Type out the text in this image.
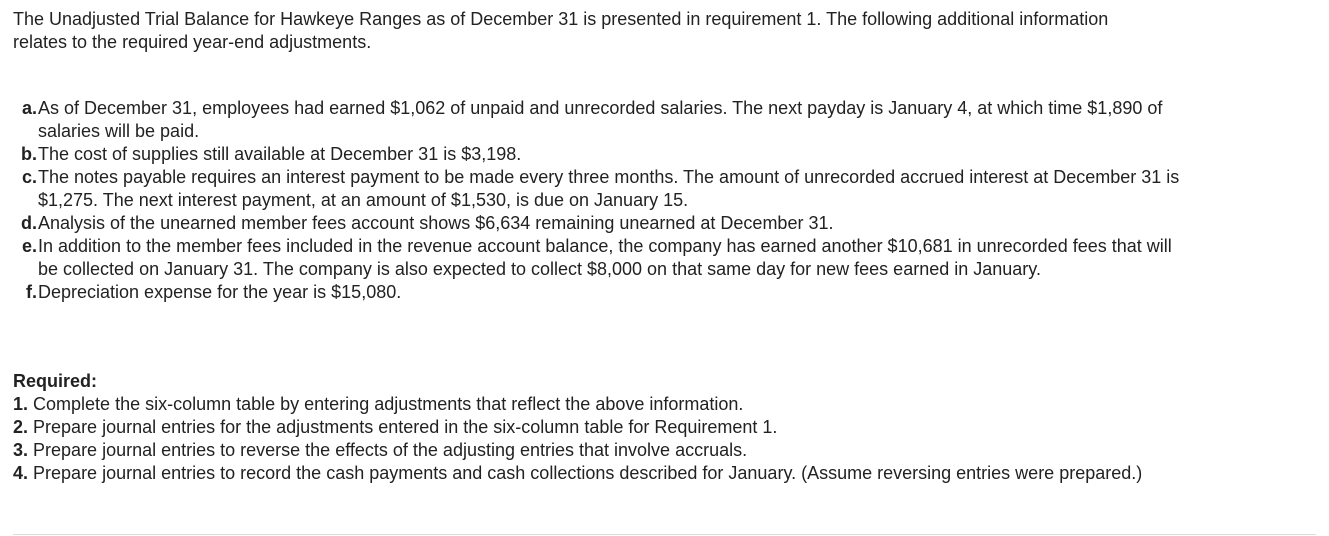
The Unadjusted Trial Balance for Hawkeye Ranges as of December 31 is presented in requirement 1. The following additional information relates to the required year-end adjustments.
a. As of December 31, employees had earned $1,062 of unpaid and unrecorded salaries. The next payday is January 4, at which time $1,890 of salaries will be paid.
b. The cost of supplies still available at December 31 is $3,198.
c. The notes payable requires an interest payment to be made every three months. The amount of unrecorded accrued interest at December 31 is $1,275. The next interest payment, at an amount of $1,530, is due on January 15.
d. Analysis of the unearned member fees account shows $6,634 remaining unearned at December 31.
e. In addition to the member fees included in the revenue account balance, the company has earned another $10,681 in unrecorded fees that will be collected on January 31. The company is also expected to collect $8,000 on that same day for new fees earned in January.
f. Depreciation expense for the year is $15,080.
Required:
1. Complete the six-column table by entering adjustments that reflect the above information.
2. Prepare journal entries for the adjustments entered in the six-column table for Requirement 1.
3. Prepare journal entries to reverse the effects of the adjusting entries that involve accruals.
4. Prepare journal entries to record the cash payments and cash collections described for January. (Assume reversing entries were prepared.)
